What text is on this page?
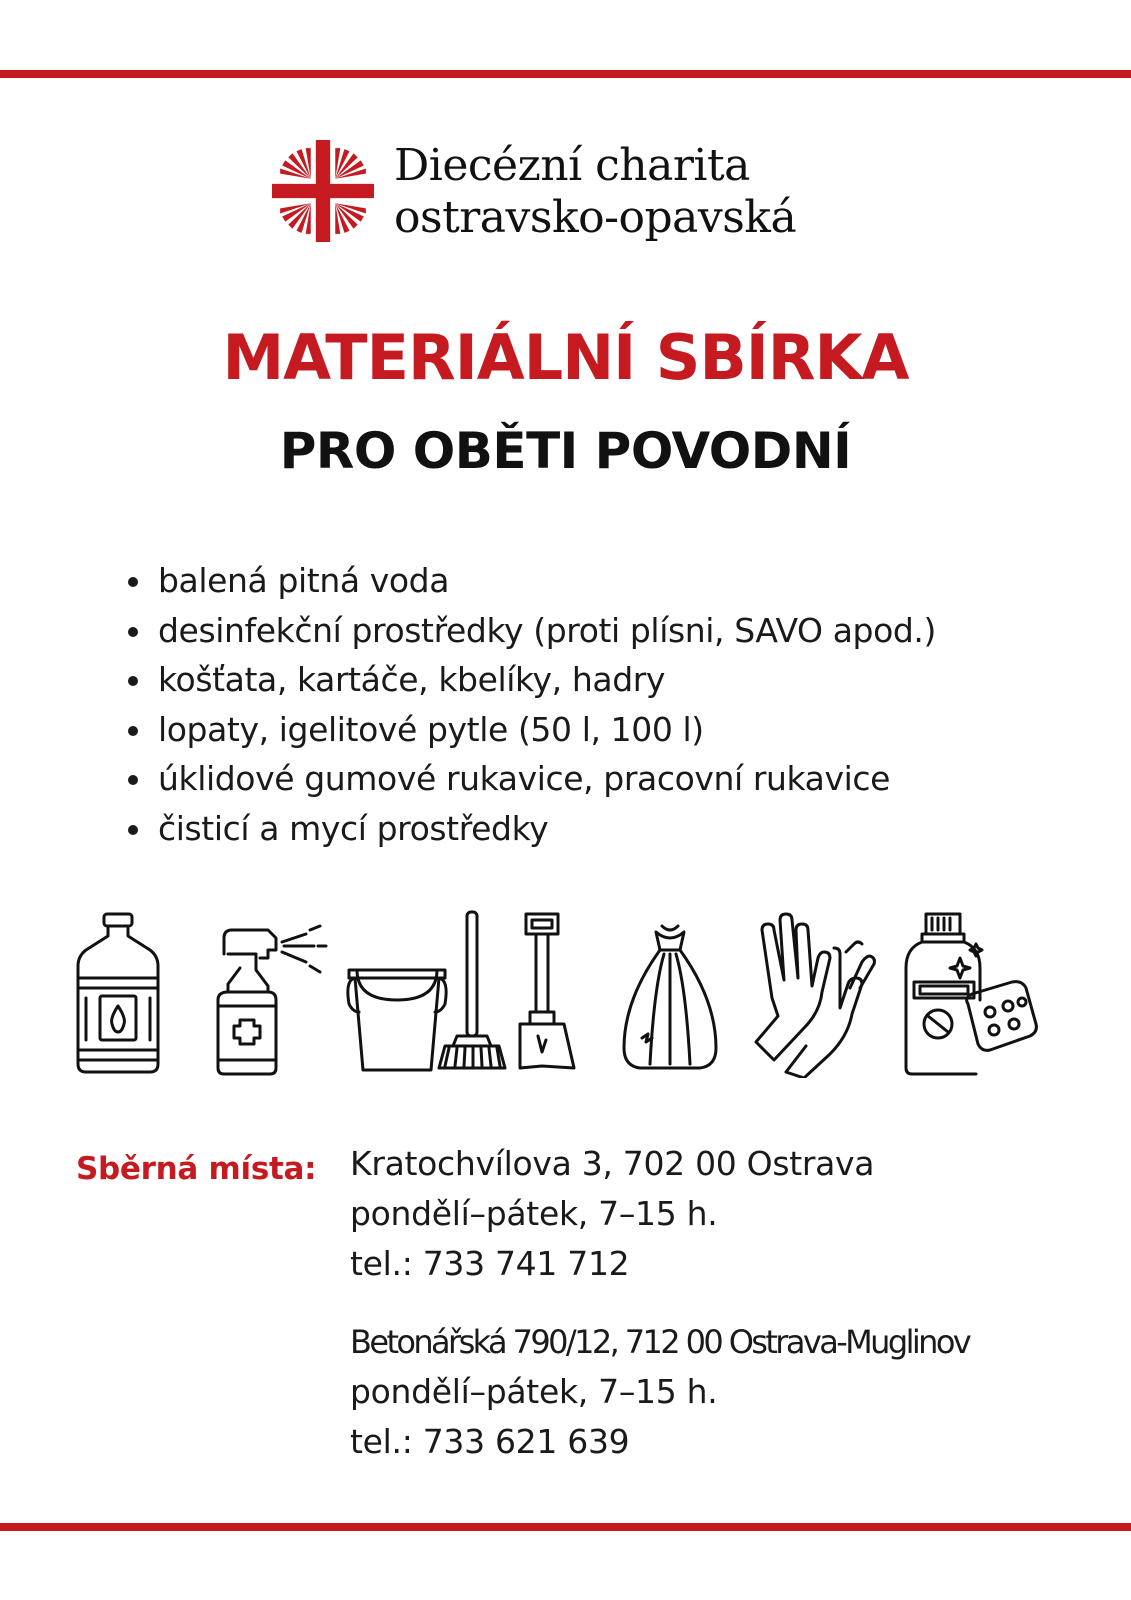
Diecézní charita
ostravsko-opavská

MATERIÁLNÍ SBÍRKA
PRO OBĚTI POVODNÍ
balená pitná voda
desinfekční prostředky (proti plísni, SAVO apod.)
košťata, kartáče, kbelíky, hadry
lopaty, igelitové pytle (50 l, 100 l)
úklidové gumové rukavice, pracovní rukavice
čisticí a mycí prostředky

Sběrná místa: Kratochvílova 3, 702 00 Ostrava
pondělí–pátek, 7–15 h.
tel.: 733 741 712
Betonářská 790/12, 712 00 Ostrava-Muglinov
pondělí–pátek, 7–15 h.
tel.: 733 621 639
